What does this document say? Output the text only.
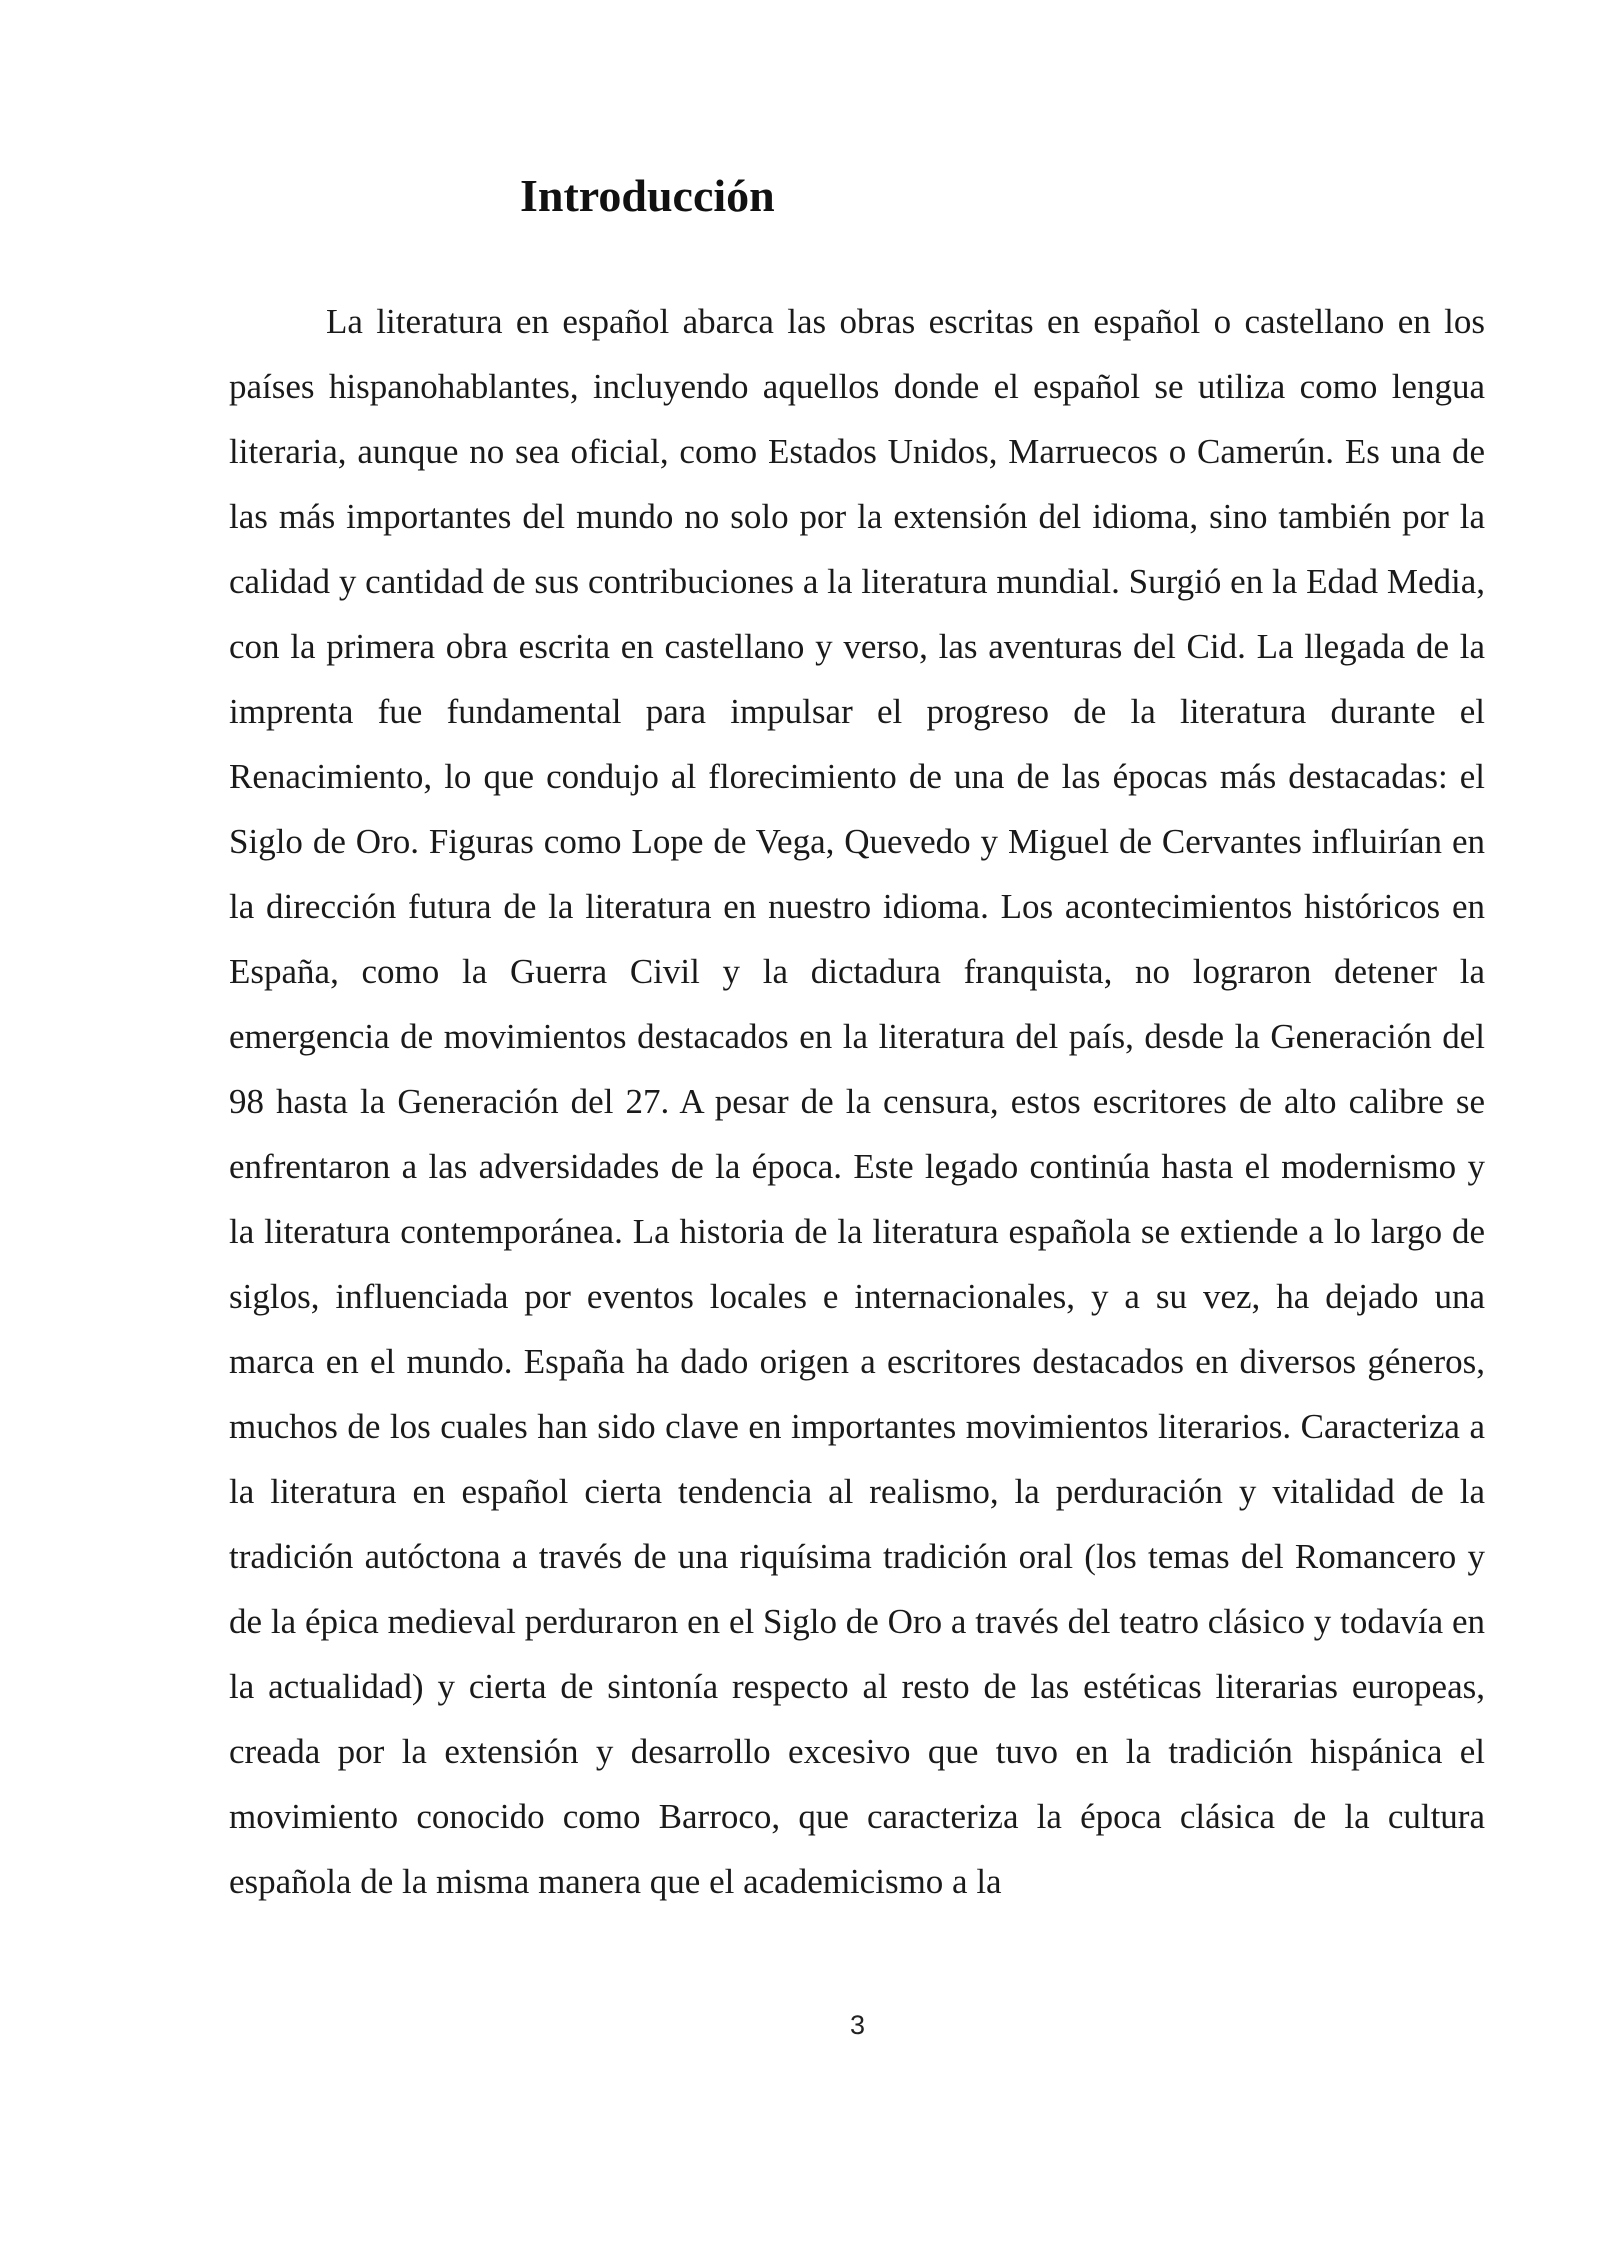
Introducción

La literatura en español abarca las obras escritas en español o castellano en los países hispanohablantes, incluyendo aquellos donde el español se utiliza como lengua literaria, aunque no sea oficial, como Estados Unidos, Marruecos o Camerún. Es una de las más importantes del mundo no solo por la extensión del idioma, sino también por la calidad y cantidad de sus contribuciones a la literatura mundial. Surgió en la Edad Media, con la primera obra escrita en castellano y verso, las aventuras del Cid. La llegada de la imprenta fue fundamental para impulsar el progreso de la literatura durante el Renacimiento, lo que condujo al florecimiento de una de las épocas más destacadas: el Siglo de Oro. Figuras como Lope de Vega, Quevedo y Miguel de Cervantes influirían en la dirección futura de la literatura en nuestro idioma. Los acontecimientos históricos en España, como la Guerra Civil y la dictadura franquista, no lograron detener la emergencia de movimientos destacados en la literatura del país, desde la Generación del 98 hasta la Generación del 27. A pesar de la censura, estos escritores de alto calibre se enfrentaron a las adversidades de la época. Este legado continúa hasta el modernismo y la literatura contemporánea. La historia de la literatura española se extiende a lo largo de siglos, influenciada por eventos locales e internacionales, y a su vez, ha dejado una marca en el mundo. España ha dado origen a escritores destacados en diversos géneros, muchos de los cuales han sido clave en importantes movimientos literarios. Caracteriza a la literatura en español cierta tendencia al realismo, la perduración y vitalidad de la tradición autóctona a través de una riquísima tradición oral (los temas del Romancero y de la épica medieval perduraron en el Siglo de Oro a través del teatro clásico y todavía en la actualidad) y cierta de sintonía respecto al resto de las estéticas literarias europeas, creada por la extensión y desarrollo excesivo que tuvo en la tradición hispánica el movimiento conocido como Barroco, que caracteriza la época clásica de la cultura española de la misma manera que el academicismo a la

3
